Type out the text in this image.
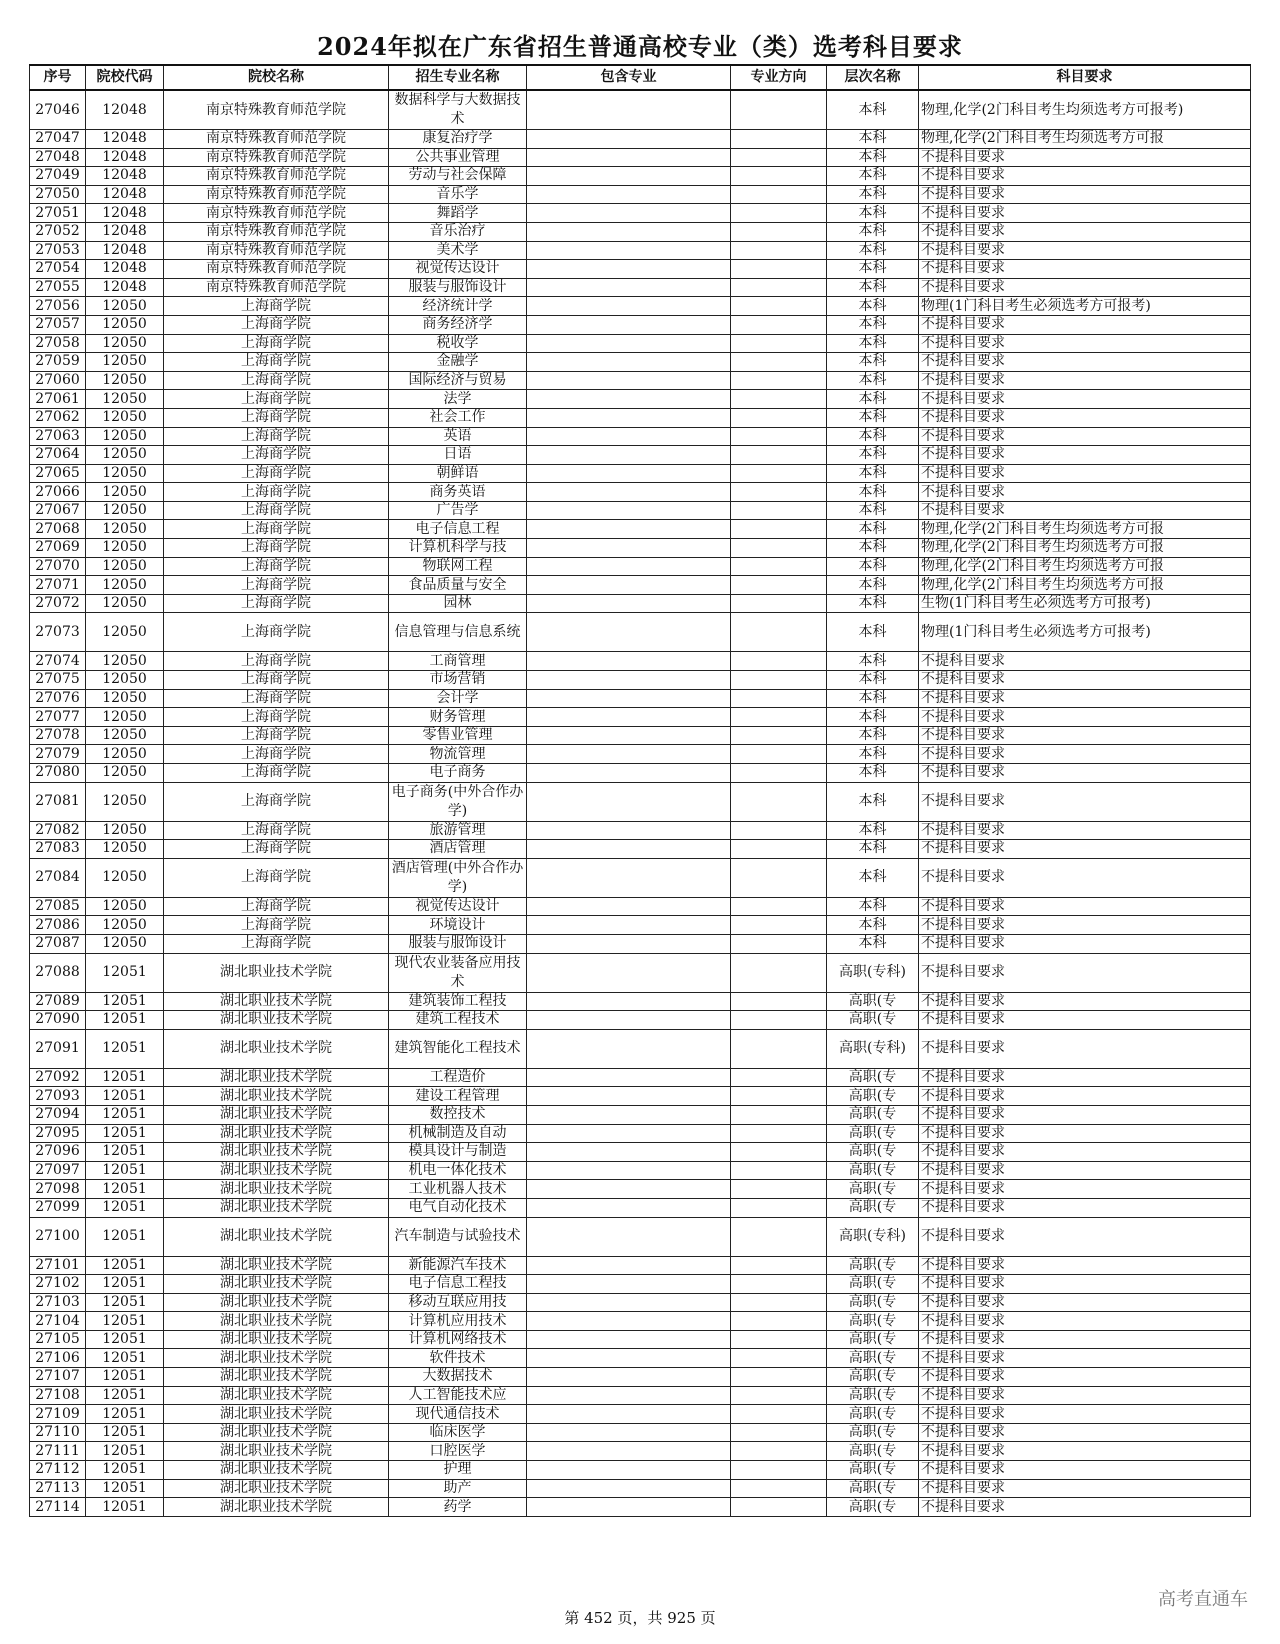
2024年拟在广东省招生普通高校专业（类）选考科目要求
序号	院校代码	院校名称	招生专业名称	包含专业	专业方向	层次名称	科目要求
27046	12048	南京特殊教育师范学院	数据科学与大数据技术			本科	物理,化学(2门科目考生均须选考方可报考)
27047	12048	南京特殊教育师范学院	康复治疗学			本科	物理,化学(2门科目考生均须选考方可报
27048	12048	南京特殊教育师范学院	公共事业管理			本科	不提科目要求
27049	12048	南京特殊教育师范学院	劳动与社会保障			本科	不提科目要求
27050	12048	南京特殊教育师范学院	音乐学			本科	不提科目要求
27051	12048	南京特殊教育师范学院	舞蹈学			本科	不提科目要求
27052	12048	南京特殊教育师范学院	音乐治疗			本科	不提科目要求
27053	12048	南京特殊教育师范学院	美术学			本科	不提科目要求
27054	12048	南京特殊教育师范学院	视觉传达设计			本科	不提科目要求
27055	12048	南京特殊教育师范学院	服装与服饰设计			本科	不提科目要求
27056	12050	上海商学院	经济统计学			本科	物理(1门科目考生必须选考方可报考)
27057	12050	上海商学院	商务经济学			本科	不提科目要求
27058	12050	上海商学院	税收学			本科	不提科目要求
27059	12050	上海商学院	金融学			本科	不提科目要求
27060	12050	上海商学院	国际经济与贸易			本科	不提科目要求
27061	12050	上海商学院	法学			本科	不提科目要求
27062	12050	上海商学院	社会工作			本科	不提科目要求
27063	12050	上海商学院	英语			本科	不提科目要求
27064	12050	上海商学院	日语			本科	不提科目要求
27065	12050	上海商学院	朝鲜语			本科	不提科目要求
27066	12050	上海商学院	商务英语			本科	不提科目要求
27067	12050	上海商学院	广告学			本科	不提科目要求
27068	12050	上海商学院	电子信息工程			本科	物理,化学(2门科目考生均须选考方可报
27069	12050	上海商学院	计算机科学与技			本科	物理,化学(2门科目考生均须选考方可报
27070	12050	上海商学院	物联网工程			本科	物理,化学(2门科目考生均须选考方可报
27071	12050	上海商学院	食品质量与安全			本科	物理,化学(2门科目考生均须选考方可报
27072	12050	上海商学院	园林			本科	生物(1门科目考生必须选考方可报考)
27073	12050	上海商学院	信息管理与信息系统			本科	物理(1门科目考生必须选考方可报考)
27074	12050	上海商学院	工商管理			本科	不提科目要求
27075	12050	上海商学院	市场营销			本科	不提科目要求
27076	12050	上海商学院	会计学			本科	不提科目要求
27077	12050	上海商学院	财务管理			本科	不提科目要求
27078	12050	上海商学院	零售业管理			本科	不提科目要求
27079	12050	上海商学院	物流管理			本科	不提科目要求
27080	12050	上海商学院	电子商务			本科	不提科目要求
27081	12050	上海商学院	电子商务(中外合作办学)			本科	不提科目要求
27082	12050	上海商学院	旅游管理			本科	不提科目要求
27083	12050	上海商学院	酒店管理			本科	不提科目要求
27084	12050	上海商学院	酒店管理(中外合作办学)			本科	不提科目要求
27085	12050	上海商学院	视觉传达设计			本科	不提科目要求
27086	12050	上海商学院	环境设计			本科	不提科目要求
27087	12050	上海商学院	服装与服饰设计			本科	不提科目要求
27088	12051	湖北职业技术学院	现代农业装备应用技术			高职(专科)	不提科目要求
27089	12051	湖北职业技术学院	建筑装饰工程技			高职(专	不提科目要求
27090	12051	湖北职业技术学院	建筑工程技术			高职(专	不提科目要求
27091	12051	湖北职业技术学院	建筑智能化工程技术			高职(专科)	不提科目要求
27092	12051	湖北职业技术学院	工程造价			高职(专	不提科目要求
27093	12051	湖北职业技术学院	建设工程管理			高职(专	不提科目要求
27094	12051	湖北职业技术学院	数控技术			高职(专	不提科目要求
27095	12051	湖北职业技术学院	机械制造及自动			高职(专	不提科目要求
27096	12051	湖北职业技术学院	模具设计与制造			高职(专	不提科目要求
27097	12051	湖北职业技术学院	机电一体化技术			高职(专	不提科目要求
27098	12051	湖北职业技术学院	工业机器人技术			高职(专	不提科目要求
27099	12051	湖北职业技术学院	电气自动化技术			高职(专	不提科目要求
27100	12051	湖北职业技术学院	汽车制造与试验技术			高职(专科)	不提科目要求
27101	12051	湖北职业技术学院	新能源汽车技术			高职(专	不提科目要求
27102	12051	湖北职业技术学院	电子信息工程技			高职(专	不提科目要求
27103	12051	湖北职业技术学院	移动互联应用技			高职(专	不提科目要求
27104	12051	湖北职业技术学院	计算机应用技术			高职(专	不提科目要求
27105	12051	湖北职业技术学院	计算机网络技术			高职(专	不提科目要求
27106	12051	湖北职业技术学院	软件技术			高职(专	不提科目要求
27107	12051	湖北职业技术学院	大数据技术			高职(专	不提科目要求
27108	12051	湖北职业技术学院	人工智能技术应			高职(专	不提科目要求
27109	12051	湖北职业技术学院	现代通信技术			高职(专	不提科目要求
27110	12051	湖北职业技术学院	临床医学			高职(专	不提科目要求
27111	12051	湖北职业技术学院	口腔医学			高职(专	不提科目要求
27112	12051	湖北职业技术学院	护理			高职(专	不提科目要求
27113	12051	湖北职业技术学院	助产			高职(专	不提科目要求
27114	12051	湖北职业技术学院	药学			高职(专	不提科目要求
第 452 页，共 925 页
高考直通车
